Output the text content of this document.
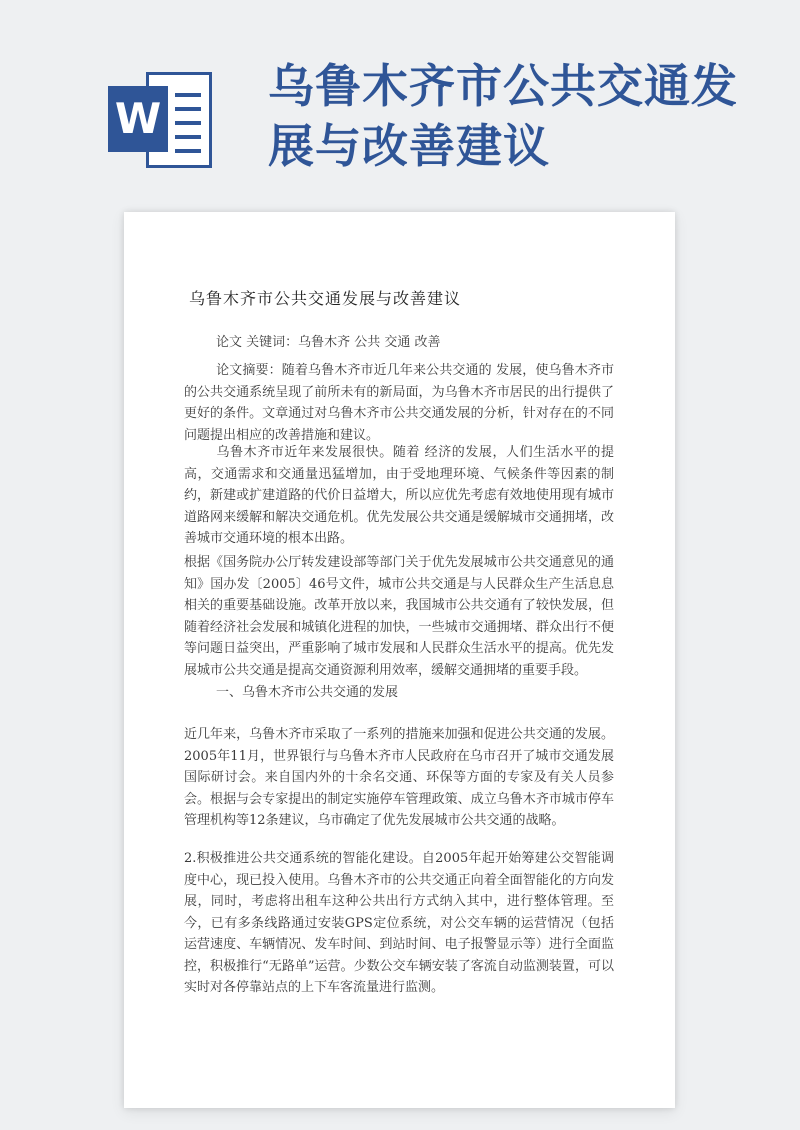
W
乌鲁木齐市公共交通发展与改善建议
乌鲁木齐市公共交通发展与改善建议

论文 关键词：乌鲁木齐 公共 交通 改善

论文摘要：随着乌鲁木齐市近几年来公共交通的 发展，使乌鲁木齐市的公共交通系统呈现了前所未有的新局面，为乌鲁木齐市居民的出行提供了更好的条件。文章通过对乌鲁木齐市公共交通发展的分析，针对存在的不同问题提出相应的改善措施和建议。

乌鲁木齐市近年来发展很快。随着 经济的发展，人们生活水平的提高，交通需求和交通量迅猛增加，由于受地理环境、气候条件等因素的制约，新建或扩建道路的代价日益增大，所以应优先考虑有效地使用现有城市道路网来缓解和解决交通危机。优先发展公共交通是缓解城市交通拥堵，改善城市交通环境的根本出路。

根据《国务院办公厅转发建设部等部门关于优先发展城市公共交通意见的通知》国办发〔2005〕46号文件，城市公共交通是与人民群众生产生活息息相关的重要基础设施。改革开放以来，我国城市公共交通有了较快发展，但随着经济社会发展和城镇化进程的加快，一些城市交通拥堵、群众出行不便等问题日益突出，严重影响了城市发展和人民群众生活水平的提高。优先发展城市公共交通是提高交通资源利用效率，缓解交通拥堵的重要手段。

一、乌鲁木齐市公共交通的发展

近几年来，乌鲁木齐市采取了一系列的措施来加强和促进公共交通的发展。2005年11月，世界银行与乌鲁木齐市人民政府在乌市召开了城市交通发展国际研讨会。来自国内外的十余名交通、环保等方面的专家及有关人员参会。根据与会专家提出的制定实施停车管理政策、成立乌鲁木齐市城市停车管理机构等12条建议，乌市确定了优先发展城市公共交通的战略。

2.积极推进公共交通系统的智能化建设。自2005年起开始筹建公交智能调度中心，现已投入使用。乌鲁木齐市的公共交通正向着全面智能化的方向发展，同时，考虑将出租车这种公共出行方式纳入其中，进行整体管理。至今，已有多条线路通过安装GPS定位系统，对公交车辆的运营情况（包括运营速度、车辆情况、发车时间、到站时间、电子报警显示等）进行全面监控，积极推行“无路单”运营。少数公交车辆安装了客流自动监测装置，可以实时对各停靠站点的上下车客流量进行监测。
